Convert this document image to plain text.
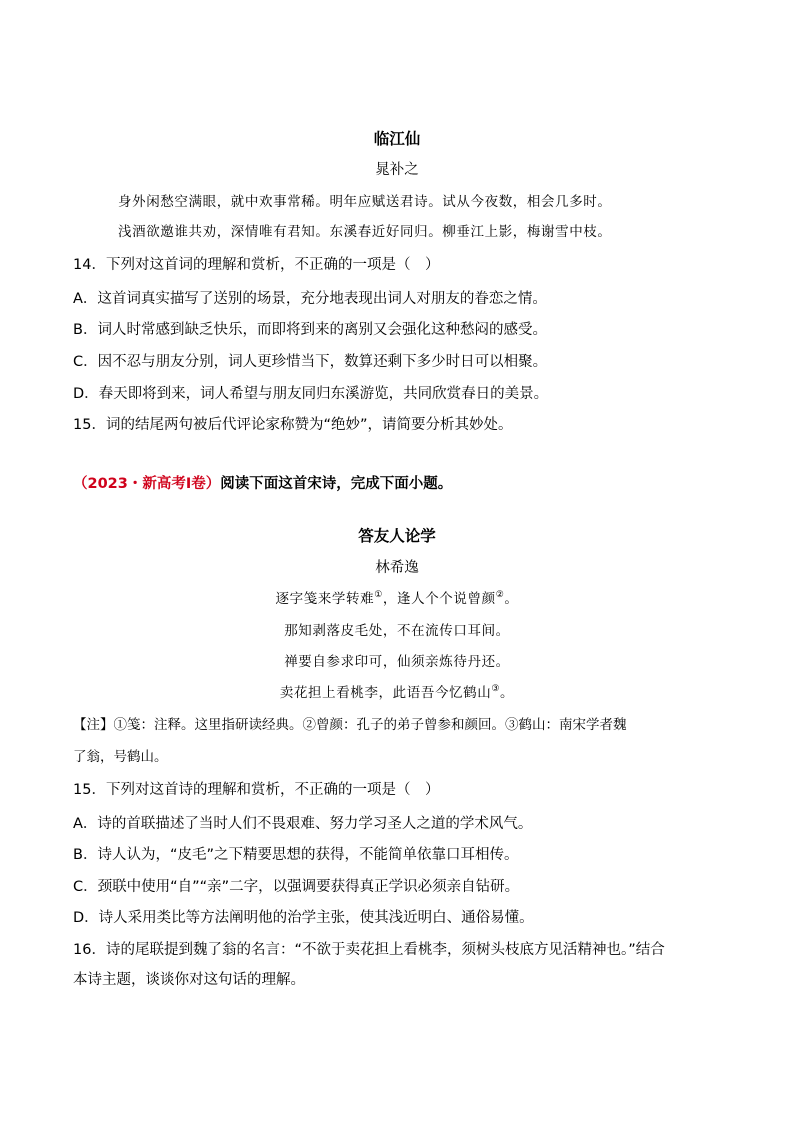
临江仙
晁补之
身外闲愁空满眼，就中欢事常稀。明年应赋送君诗。试从今夜数，相会几多时。
浅酒欲邀谁共劝，深情唯有君知。东溪春近好同归。柳垂江上影，梅谢雪中枝。
14．下列对这首词的理解和赏析，不正确的一项是（　）
A．这首词真实描写了送别的场景，充分地表现出词人对朋友的眷恋之情。
B．词人时常感到缺乏快乐，而即将到来的离别又会强化这种愁闷的感受。
C．因不忍与朋友分别，词人更珍惜当下，数算还剩下多少时日可以相聚。
D．春天即将到来，词人希望与朋友同归东溪游览，共同欣赏春日的美景。
15．词的结尾两句被后代评论家称赞为“绝妙”，请简要分析其妙处。
（2023・新高考Ⅰ卷）阅读下面这首宋诗，完成下面小题。
答友人论学
林希逸
逐字笺来学转难①，逢人个个说曾颜②。
那知剥落皮毛处，不在流传口耳间。
禅要自参求印可，仙须亲炼待丹还。
卖花担上看桃李，此语吾今忆鹤山③。
【注】①笺：注释。这里指研读经典。②曾颜：孔子的弟子曾参和颜回。③鹤山：南宋学者魏
了翁，号鹤山。
15．下列对这首诗的理解和赏析，不正确的一项是（　）
A．诗的首联描述了当时人们不畏艰难、努力学习圣人之道的学术风气。
B．诗人认为，“皮毛”之下精要思想的获得，不能简单依靠口耳相传。
C．颈联中使用“自”“亲”二字，以强调要获得真正学识必须亲自钻研。
D．诗人采用类比等方法阐明他的治学主张，使其浅近明白、通俗易懂。
16．诗的尾联提到魏了翁的名言：“不欲于卖花担上看桃李，须树头枝底方见活精神也。”结合
本诗主题，谈谈你对这句话的理解。
